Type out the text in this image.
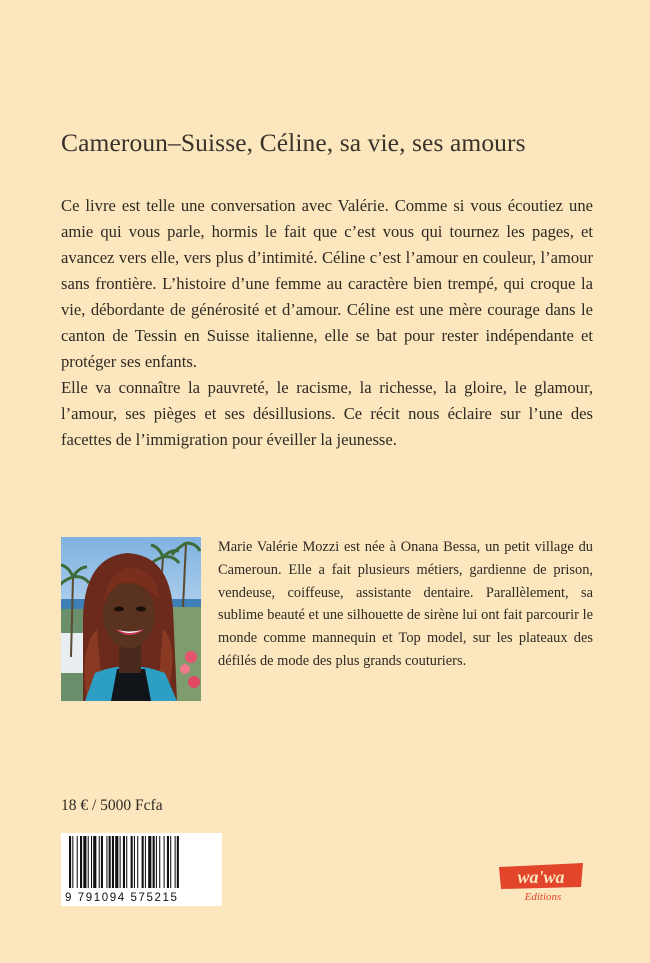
Cameroun–Suisse, Céline, sa vie, ses amours

Ce livre est telle une conversation avec Valérie. Comme si vous écoutiez une amie qui vous parle, hormis le fait que c’est vous qui tournez les pages, et avancez vers elle, vers plus d’intimité. Céline c’est l’amour en couleur, l’amour sans frontière. L’histoire d’une femme au caractère bien trempé, qui croque la vie, débordante de générosité et d’amour. Céline est une mère courage dans le canton de Tessin en Suisse italienne, elle se bat pour rester indépendante et protéger ses enfants.

Elle va connaître la pauvreté, le racisme, la richesse, la gloire, le glamour, l’amour, ses pièges et ses désillusions. Ce récit nous éclaire sur l’une des facettes de l’immigration pour éveiller la jeunesse.

Marie Valérie Mozzi est née à Onana Bessa, un petit village du Cameroun. Elle a fait plusieurs métiers, gardienne de prison, vendeuse, coiffeuse, assistante dentaire. Parallèlement, sa sublime beauté et une silhouette de sirène lui ont fait parcourir le monde comme mannequin et Top model, sur les plateaux des défilés de mode des plus grands couturiers.
18 € / 5000 Fcfa
9 791094 575215
wa'wa
Editions
